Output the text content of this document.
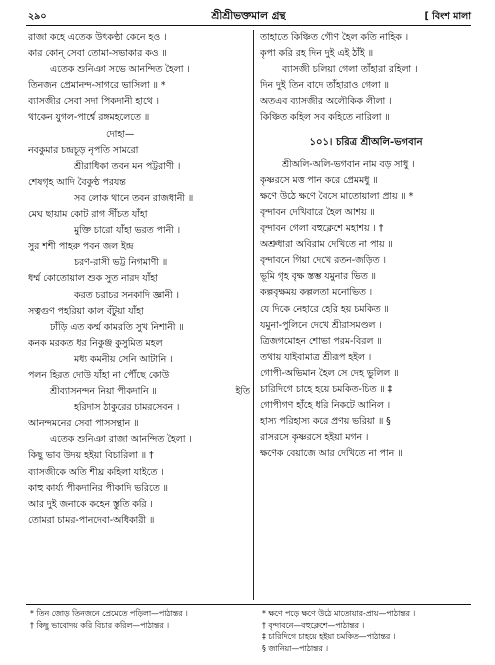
২৯০	শ্রীশ্রীভক্তমাল গ্রন্থ	[ বিংশ মালা
রাজা কহে এতেক উৎকণ্ঠা কেনে হও ।
কার কোন্ সেবা তোমা-সভাকার কও ॥
এতেক শুনিঞা সভে আনন্দিত হৈলা ।
তিনজন প্রেমানন্দ-সাগরে ভাসিলা ॥ *
ব্যাসজীর সেবা সদা পিকদানী হাথে ।
থাকেন যুগল-পার্শ্বে রঙ্গমহলেতে ॥
দোহা—
নবকুমার চন্দ্রচূড় নৃপতি সামরো
শ্রীরাধিকা তবন মন পট্টরাণী ।
শেষগৃহ আদি বৈকুণ্ঠ পরযন্ত
সব লোক থানে তবন রাজধানী ॥
মেঘ ছায়াম কোট রাগ সীঁচত যাঁহা
মুক্তি চারো যাঁহা ভরত পানী ।
সুর শশী পাহরু পবন জল ইন্দ্র
চরণ-রাসী ভট্ট নিগমাণী ॥
ধর্ম্ম কোতোয়াল শুক সুত নারদ যাঁহা
করত চরাচর সনকাদি জ্ঞানী ।
সত্বগুণ পহরিয়া কাল বঁটুয়া যাঁহা
ঢাঁড়ি এত কর্ম্ম কামরতি সুখ নিশানী ॥
কনক মরকত ধর নিকুঞ্জ কুসুমিত মহল
মধ্য কমনীয় সেনি আটানি ।
পলন হিরত দোউ যাঁহা না পৌঁছে কোউ
শ্রীব্যাসনন্দন নিয়া পীকদানি ॥	ইতি
হরিদাস ঠাকুরের চামরসেবন ।
আনন্দমনের সেবা পাসসন্থান ॥
এতেক শুনিঞা রাজা আনন্দিত হৈলা ।
কিছু ভাব উদয় হইয়া বিচারিলা ॥ †
ব্যাসজীকে অতি শীঘ্র কহিলা যাইতে ।
কাহু কার্য্য পীকদানির পীকাদি ভরিতে ॥
আর দুই জনাকে কহেন স্তুতি করি ।
তোমরা চামর-পানদেবা-অধিকারী ॥
তাহাতে কিঞ্চিত গৌণ হৈল কতি নাহিক ।
কৃপা করি রহ দিন দুই এই ঠাঁই ॥
ব্যাসজী চলিয়া গেলা তাঁহারা রহিলা ।
দিন দুই তিন বাদে তাঁহারাও গেলা ॥
অতএব ব্যাসজীর অলৌকিক লীলা ।
কিঞ্চিত কহিল সব কহিতে নারিলা ॥
১০১। চরিত্র শ্রীঅলি-ভগবান
শ্রীঅলি-অলি-ভগবান নাম বড় সাধু ।
কৃষ্ণরসে মত্ত পান করে প্রেমমধু ॥
ক্ষণে উঠে ক্ষণে বৈসে মাতোয়ালা প্রায় ॥ *
বৃন্দাবন দেখিবারে হৈল আশয় ॥
বৃন্দাবন গেলা বহুক্লেশে মহাশয় । †
অশ্রুধারা অবিরাম দেখিতে না পায় ॥
বৃন্দাবনে গিয়া দেখে রতন-জড়িত ।
ভূমি গৃহ বৃক্ষ স্তম্ভ যমুনার ভিত ॥
কল্পবৃক্ষময় কল্পলতা মনোভিত ।
যে দিকে নেহারে হেরি হয় চমকিত ॥
যমুনা-পুলিনে দেখে শ্রীরাসমণ্ডল ।
ত্রিজগমোহন শোভা পরম-বিরল ॥
তথায় যাইবামাত্র শ্রীরূপ হইল ।
গোপী-অভিমান হৈল সে দেহ ভুলিল ॥
চারিদিগে চাহে হয়ে চমকিত-চিত ॥ ‡
গোপীগণ হাঁহে ধরি নিকটে আনিল ।
হাস্য পরিহাস্য করে প্রণয় ভরিয়া ॥ §
রাসরসে কৃষ্ণরসে হইয়া মগন ।
ক্ষণেক বেয়াজে আর দেখিতে না পান ॥
* তিন জোড় তিনজনে প্রেমেতে পড়িলা—পাঠান্তর ।
† কিছু ভাবোদয় করি বিচার করিল—পাঠান্তর ।
* ক্ষণে পড়ে ক্ষণে উঠে মাতোয়ার-প্রায়—পাঠান্তর ।
† বৃন্দাবনে—বহুক্লেশে—পাঠান্তর ।
‡ চারিদিগে চাহয়ে হইয়া চমকিত—পাঠান্তর ।
§ জানিয়া—পাঠান্তর ।
